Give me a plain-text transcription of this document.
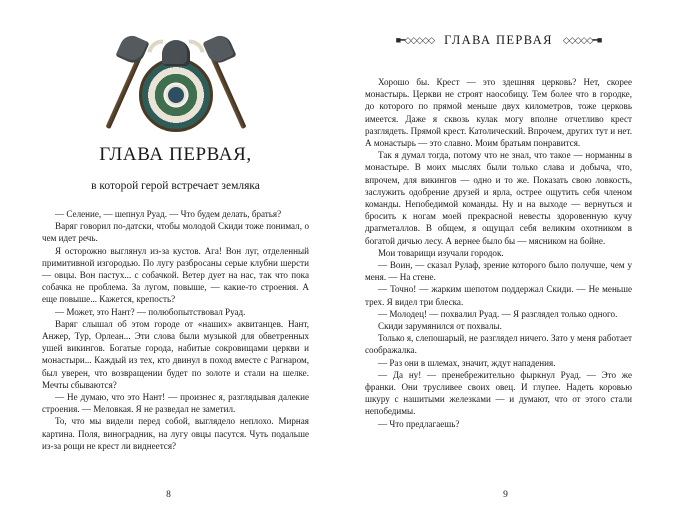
ГЛАВА ПЕРВАЯ,
в которой герой встречает земляка

— Селение, — шепнул Руад. — Что будем делать, братья?

Варяг говорил по-датски, чтобы молодой Скиди тоже понимал, о чем идет речь.

Я осторожно выглянул из-за кустов. Ага! Вон луг, отделенный примитивной изгородью. По лугу разбросаны серые клубни шерсти — овцы. Вон пастух... с собачкой. Ветер дует на нас, так что пока собачка не проблема. За лугом, повыше, — какие-то строения. А еще повыше... Кажется, крепость?

— Может, это Нант? — полюбопытствовал Руад.

Варяг слышал об этом городе от «наших» аквитанцев. Нант, Анжер, Тур, Орлеан... Эти слова были музыкой для обветренных ушей викингов. Богатые города, набитые сокровищами церкви и монастыри... Каждый из тех, кто двинул в поход вместе с Рагнаром, был уверен, что возвращении будет по золоте и стали на шелке. Мечты сбываются?

— Не думаю, что это Нант! — произнес я, разглядывая далекие строения. — Меловкая. Я не разведал не заметил.

То, что мы видели перед собой, выглядело неплохо. Мирная картина. Поля, виноградник, на лугу овцы пасутся. Чуть подальше из-за рощи не крест ли виднеется?

8
■━◇◇◇◇◇ ГЛАВА ПЕРВАЯ ◇◇◇◇◇━■

Хорошо бы. Крест — это здешняя церковь? Нет, скорее монастырь. Церкви не строят наособицу. Тем более что в городке, до которого по прямой меньше двух километров, тоже церковь имеется. Даже я сквозь кулак могу вполне отчетливо крест разглядеть. Прямой крест. Католический. Впрочем, других тут и нет. А монастырь — это славно. Моим братьям понравится.

Так я думал тогда, потому что не знал, что такое — норманны в монастыре. В моих мыслях были только слава и добыча, что, впрочем, для викингов — одно и то же. Показать свою ловкость, заслужить одобрение друзей и ярла, острее ощутить себя членом команды. Непобедимой команды. Ну и на выходе — вернуться и бросить к ногам моей прекрасной невесты здоровенную кучу драгметаллов. В общем, я ощущал себя великим охотником в богатой дичью лесу. А вернее было бы — мясником на бойне.

Мои товарищи изучали городок.

— Воин, — сказал Рулаф, зрение которого было получше, чем у меня. — На стене.

— Точно! — жарким шепотом поддержал Скиди. — Не меньше трех. Я видел три блеска.

— Молодец! — похвалил Руад. — Я разглядел только одного.

Скиди зарумянился от похвалы.

Только я, слепошарый, не разглядел ничего. Зато у меня работает соображалка.

— Раз они в шлемах, значит, ждут нападения.

— Да ну! — пренебрежительно фыркнул Руад. — Это же франки. Они трусливее своих овец. И глупее. Надеть коровью шкуру с нашитыми железками — и думают, что от этого стали непобедимы.

— Что предлагаешь?

9
